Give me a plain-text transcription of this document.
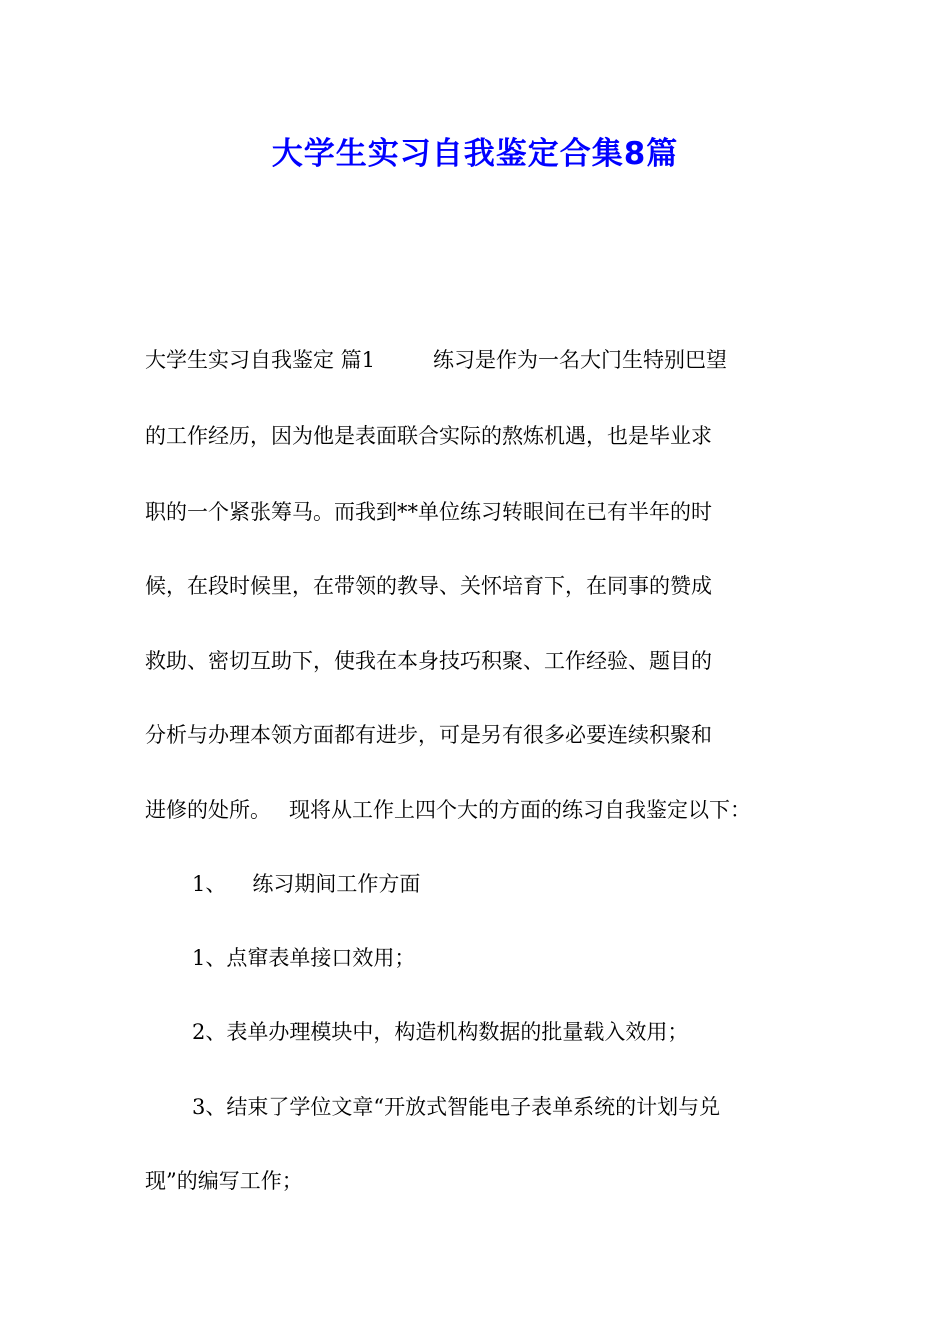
大学生实习自我鉴定合集8篇
大学生实习自我鉴定 篇1	练习是作为一名大门生特别巴望
的工作经历，因为他是表面联合实际的熬炼机遇，也是毕业求
职的一个紧张筹马。而我到**单位练习转眼间在已有半年的时
候，在段时候里，在带领的教导、关怀培育下，在同事的赞成
救助、密切互助下，使我在本身技巧积聚、工作经验、题目的
分析与办理本领方面都有进步，可是另有很多必要连续积聚和
进修的处所。 现将从工作上四个大的方面的练习自我鉴定以下：
1、 练习期间工作方面
1、点窜表单接口效用；
2、表单办理模块中，构造机构数据的批量载入效用；
3、结束了学位文章“开放式智能电子表单系统的计划与兑
现”的编写工作；
